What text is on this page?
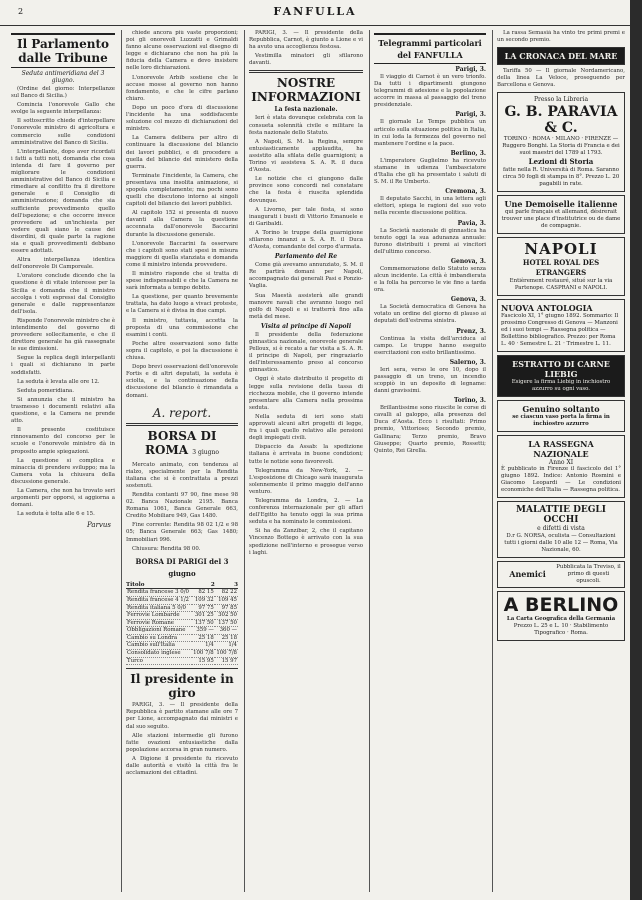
2	FANFULLA
Il Parlamento dalle Tribune
Seduta antimeridiana del 3 giugno.

(Ordine del giorno: Interpellanze sul Banco di Sicilia.)

Comincia l'onorevole Gallo che svolge la seguente interpellanza:

Il sottoscritto chiede d'interpellare l'onorevole ministro di agricoltura e commercio sulle condizioni amministrative del Banco di Sicilia.

L'interpellante, dopo aver ricordati i fatti a tutti noti, domanda che cosa intenda di fare il governo per migliorare le condizioni amministrative del Banco di Sicilia e rimediare al conflitto fra il direttore generale e il Consiglio di amministrazione; domanda che sia sufficiente provvedimento quello dell'ispezione; e che occorre invece provvedere ad un'inchiesta per vedere quali siano le cause dei disordini, di quale parte la ragione sia e quali provvedimenti debbano essere adottati.

Altra interpellanza identica dell'onorevole Di Camporeale.

L'oratore conclude dicendo che la questione è di vitale interesse per la Sicilia e domanda che il ministro accolga i voti espressi dal Consiglio generale e dalle rappresentanze dell'isola.

Risponde l'onorevole ministro che è intendimento del governo di provvedere sollecitamente, e che il direttore generale ha già rassegnate le sue dimissioni.

Segue la replica degli interpellanti i quali si dichiarano in parte soddisfatti.

La seduta è levata alle ore 12.

Seduta pomeridiana.

Si annunzia che il ministro ha trasmesso i documenti relativi alla questione, e la Camera ne prende atto.

Il presente costituisce rinnovamento del concorso per le scuole e l'onorevole ministro dà in proposito ampie spiegazioni.

La questione si complica e minaccia di prendere sviluppo; ma la Camera vota la chiusura della discussione generale.

La Camera, che non ha trovato seri argomenti per opporsi, si aggiorna a domani.

La seduta è tolta alle 6 e 15.

Parvus

chiede ancora più vaste proporzioni; poi gli onorevoli Luzzatti e Grimaldi fanno alcune osservazioni sul disegno di legge e dichiarano che non ha più la fiducia della Camera e devo insistere nelle loro dichiarazioni.

L'onorevole Arbib sostiene che le accuse mosse al governo non hanno fondamento, e che le cifre parlano chiaro.

Dopo un poco d'ora di discussione l'incidente ha una soddisfacente soluzione col mezzo di dichiarazioni del ministro.

La Camera delibera per altro di continuare la discussione del bilancio dei lavori pubblici, e di procedere a quella del bilancio del ministero della guerra.

Terminate l'incidente, la Camera, che presentava una insolita animazione, si spopola completamente; ma pochi sono quelli che discutono intorno ai singoli capitoli del bilancio dei lavori pubblici.

Al capitolo 152 si presenta di nuovo davanti alla Camera la questione accennata dall'onorevole Baccarini durante la discussione generale.

L'onorevole Baccarini fa osservare che i capitoli sono stati spesi in misura maggiore di quella stanziata e domanda come il ministro intenda provvedere.

Il ministro risponde che si tratta di spese indispensabili e che la Camera ne sarà informata a tempo debito.

La questione, per quanto brevemente trattata, ha dato luogo a vivaci proteste, e la Camera si è divisa in due campi.

Il ministro, tuttavia, accetta la proposta di una commissione che esamini i conti.

Poche altre osservazioni sono fatte sopra il capitolo, e poi la discussione è chiusa.

Dopo brevi osservazioni dell'onorevole Fortis e di altri deputati, la seduta è sciolta, e la continuazione della discussione del bilancio è rimandata a domani.

A. report.
BORSA DI ROMA 3 giugno

Mercato animato, con tendenza al rialzo, specialmente per la Rendita italiana che si è contrattata a prezzi sostenuti.

Rendita contanti 97 90, fine mese 98 02. Banca Nazionale 2195. Banca Romana 1061, Banca Generale 663, Credito Mobiliare 949, Gas 1480.

Fine corrente: Rendita 98 02 1/2 e 98 05; Banca Generale 663; Gas 1480; Immobiliari 996.

Chiusura: Rendita 98 00.

BORSA DI PARIGI del 3 giugno
Titolo	2	3
Rendita francese 3 0/0	82 15	82 22
Rendita francese 4 1/2	109 32	109 45
Rendita italiana 5 0/0	97 75	97 85
Ferrovie Lombarde	301 25	302 50
Ferrovie Romane	137 50	137 50
Obbligazioni Romane	359 —	360 —
Cambio su Londra	25 18	25 18
Cambio sull'Italia	1/4	1/4
Consolidato inglese	100 7/8	100 7/8
Turco	15 95	15 97
Il presidente in giro

PARIGI, 3. — Il presidente della Repubblica è partito stamane alle ore 7 per Lione, accompagnato dai ministri e dal suo seguito.

Alle stazioni intermedie gli furono fatte ovazioni entusiastiche dalla popolazione accorsa in gran numero.

A Digione il presidente fu ricevuto dalle autorità e visitò la città fra le acclamazioni dei cittadini.

PARIGI, 3. — Il presidente della Repubblica, Carnot, è giunto a Lione e vi ha avuto una accoglienza festosa.

Vestimilla minatori gli sfilarono davanti.

NOSTRE INFORMAZIONI
La festa nazionale.

Ieri è stata dovunque celebrata con la consueta solennità civile e militare la festa nazionale dello Statuto.

A Napoli, S. M. la Regina, sempre entusiasticamente applaudita, ha assistito alla sfilata delle guarnigioni; a Torino vi assisteva S. A. R. il duca d'Aosta.

Le notizie che ci giungono dalle province sono concordi nel constatare che la festa è riuscita splendida dovunque.

A Livorno, per tale festa, si sono inaugurati i busti di Vittorio Emanuele e di Garibaldi.

A Torino le truppe della guarnigione sfilarono innanzi a S. A. R. il Duca d'Aosta, comandante del corpo d'armata.

Parlamento del Re

Come già avevamo annunziato, S. M. il Re partirà domani per Napoli, accompagnato dai generali Pasi e Ponzio-Vaglia.

Sua Maestà assisterà alle grandi manovre navali che avranno luogo nel golfo di Napoli e si tratterrà fino alla metà del mese.

Visita al principe di Napoli

Il presidente della federazione ginnastica nazionale, onorevole generale Pelloux, si è recato a far visita a S. A. R. il principe di Napoli, per ringraziarlo dell'interessamento preso al concorso ginnastico.

Oggi è stato distribuito il progetto di legge sulla revisione della tassa di ricchezza mobile, che il governo intende presentare alla Camera nella prossima seduta.

Nella seduta di ieri sono stati approvati alcuni altri progetti di legge, fra i quali quello relativo alle pensioni degli impiegati civili.

Dispaccio da Assab: la spedizione italiana è arrivata in buone condizioni; tutte le notizie sono favorevoli.

Telegramma da New-York, 2. — L'esposizione di Chicago sarà inaugurata solennemente il primo maggio dell'anno venturo.

Telegramma da Londra, 2. — La conferenza internazionale per gli affari dell'Egitto ha tenuto oggi la sua prima seduta e ha nominato le commissioni.

Si ha da Zanzibar, 2, che il capitano Vincenzo Bottego è arrivato con la sua spedizione nell'interno e prosegue verso i laghi.

Telegrammi particolari del FANFULLA
Parigi, 3.

Il viaggio di Carnot è un vero trionfo. Da tutti i dipartimenti giungono telegrammi di adesione e la popolazione accorre in massa al passaggio del treno presidenziale.

Parigi, 3.

Il giornale Le Temps pubblica un articolo sulla situazione politica in Italia, in cui loda la fermezza del governo nel mantenere l'ordine e la pace.

Berlino, 3.

L'imperatore Guglielmo ha ricevuto stamane in udienza l'ambasciatore d'Italia che gli ha presentato i saluti di S. M. il Re Umberto.

Cremona, 3.

Il deputato Sacchi, in una lettera agli elettori, spiega le ragioni del suo voto nella recente discussione politica.

Pavia, 3.

La Società nazionale di ginnastica ha tenuto oggi la sua adunanza annuale: furono distribuiti i premi ai vincitori dell'ultimo concorso.

Genova, 3.

Commemorazione dello Statuto senza alcun incidente. La città è imbandierata e la folla ha percorso le vie fino a tarda ora.

Genova, 3.

La Società democratica di Genova ha votato un ordine del giorno di plauso ai deputati dell'estrema sinistra.

Prenz, 3.

Continua la visita dell'arciduca al campo. Le truppe hanno eseguito esercitazioni con esito brillantissimo.

Salerno, 3.

Ieri sera, verso le ore 10, dopo il passaggio di un treno, un incendio scoppiò in un deposito di legname: danni gravissimi.

Torino, 3.

Brillantissime sono riuscite le corse di cavalli al galoppo, alla presenza del Duca d'Aosta. Ecco i risultati: Primo premio, Vittorioso; Secondo premio, Gallinara; Terzo premio, Bravo Giuseppe; Quarto premio, Rossetti; Quinto, Rei Girella.

La rassa Semasià ha vinto tre primi premi e un secondo premio.
LA CRONACA DEL MARE
Tariffa 50 — Il giornale Nordamericano, della linea La Veloce, proseguendo per Barcellona e Genova.
Presso la Libreria
G. B. PARAVIA & C.
TORINO · ROMA · MILANO · FIRENZE — Ruggero Bonghi. La Storia di Francia e dei suoi maestri del 1789 al 1793.
Lezioni di Storia
fatte nella R. Università di Roma. Saranno circa 50 fogli di stampa in 8°. Prezzo L. 20 pagabili in rate.
Une Demoiselle italienne
qui parle français et allemand, désirerait trouver une place d'institutrice ou de dame de compagnie.
NAPOLI
HOTEL ROYAL DES ETRANGERS
Entièrement restauré, situé sur la via Partenope. CASPRANI e NAPOLI.
NUOVA ANTOLOGIA
Fascicolo XI, 1° giugno 1892. Sommario: Il prossimo Congresso di Genova — Manzoni ed i suoi tempi — Rassegna politica — Bollettino bibliografico. Prezzo: per Roma L. 40 · Semestre L. 21 · Trimestre L. 11.
ESTRATTO DI CARNE LIEBIG
Esigere la firma Liebig in inchiostro azzurro su ogni vaso.
Genuino soltanto
se ciascun vaso porta la firma in inchiostro azzurro
LA RASSEGNA NAZIONALE
Anno XI
È pubblicato in Firenze il fascicolo del 1° giugno 1892. Indice: Antonio Rosmini e Giacomo Leopardi — Le condizioni economiche dell'Italia — Rassegna politica.
MALATTIE DEGLI OCCHI
e difetti di vista
D.r G. NORSA, oculista — Consultazioni tutti i giorni dalle 10 alle 12 — Roma, Via Nazionale, 60.
Anemici
Pubblicata la Treviso, il primo di questi opuscoli.
A BERLINO
La Carta Geografica della Germania
Prezzo L. 25 e L. 10 · Stabilimento Tipografico · Roma.
